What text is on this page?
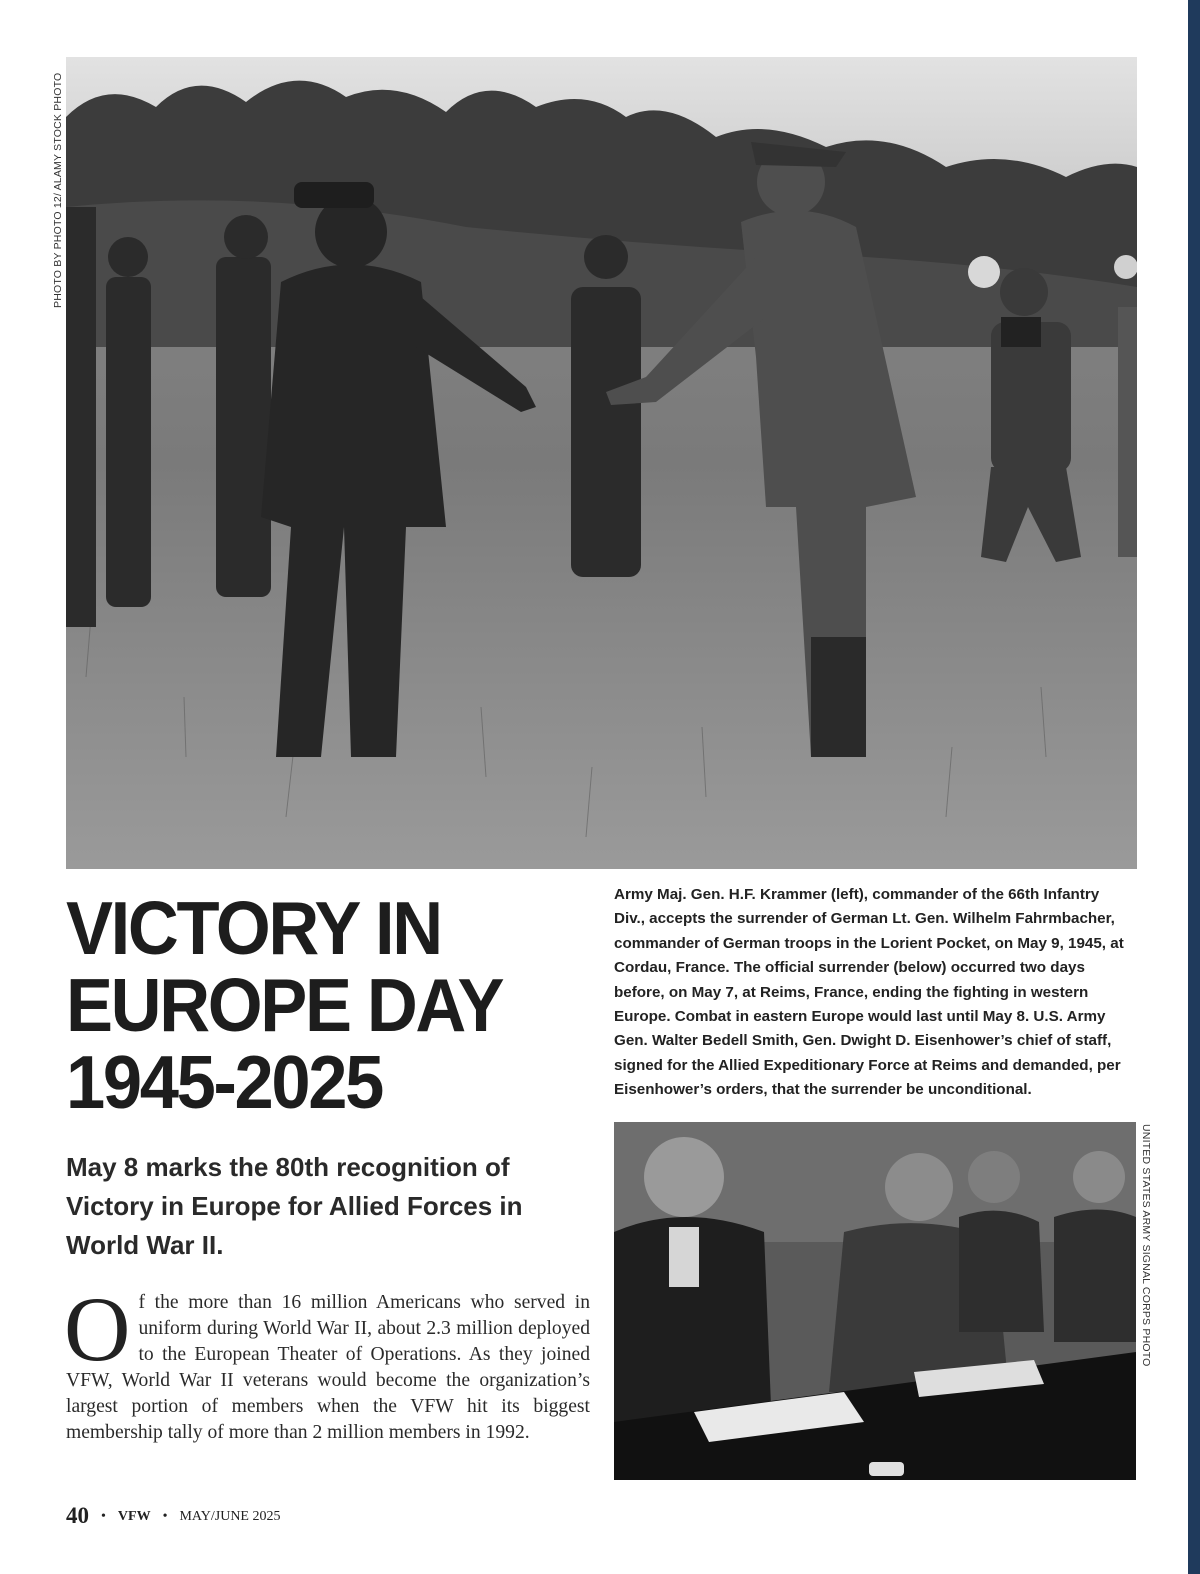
PHOTO BY PHOTO 12/ ALAMY STOCK PHOTO
VICTORY IN
EUROPE DAY
1945-2025

May 8 marks the 80th recognition of Victory in Europe for Allied Forces in World War II.

Of the more than 16 million Americans who served in uniform during World War II, about 2.3 million deployed to the European Theater of Operations. As they joined VFW, World War II veterans would become the organization’s largest portion of members when the VFW hit its biggest membership tally of more than 2 million members in 1992.

Army Maj. Gen. H.F. Krammer (left), commander of the 66th Infantry Div., accepts the surrender of German Lt. Gen. Wilhelm Fahrmbacher, commander of German troops in the Lorient Pocket, on May 9, 1945, at Cordau, France. The official surrender (below) occurred two days before, on May 7, at Reims, France, ending the fighting in western Europe. Combat in eastern Europe would last until May 8. U.S. Army Gen. Walter Bedell Smith, Gen. Dwight D. Eisenhower’s chief of staff, signed for the Allied Expeditionary Force at Reims and demanded, per Eisenhower’s orders, that the surrender be unconditional.

UNITED STATES ARMY SIGNAL CORPS PHOTO
40 • VFW • MAY/JUNE 2025
